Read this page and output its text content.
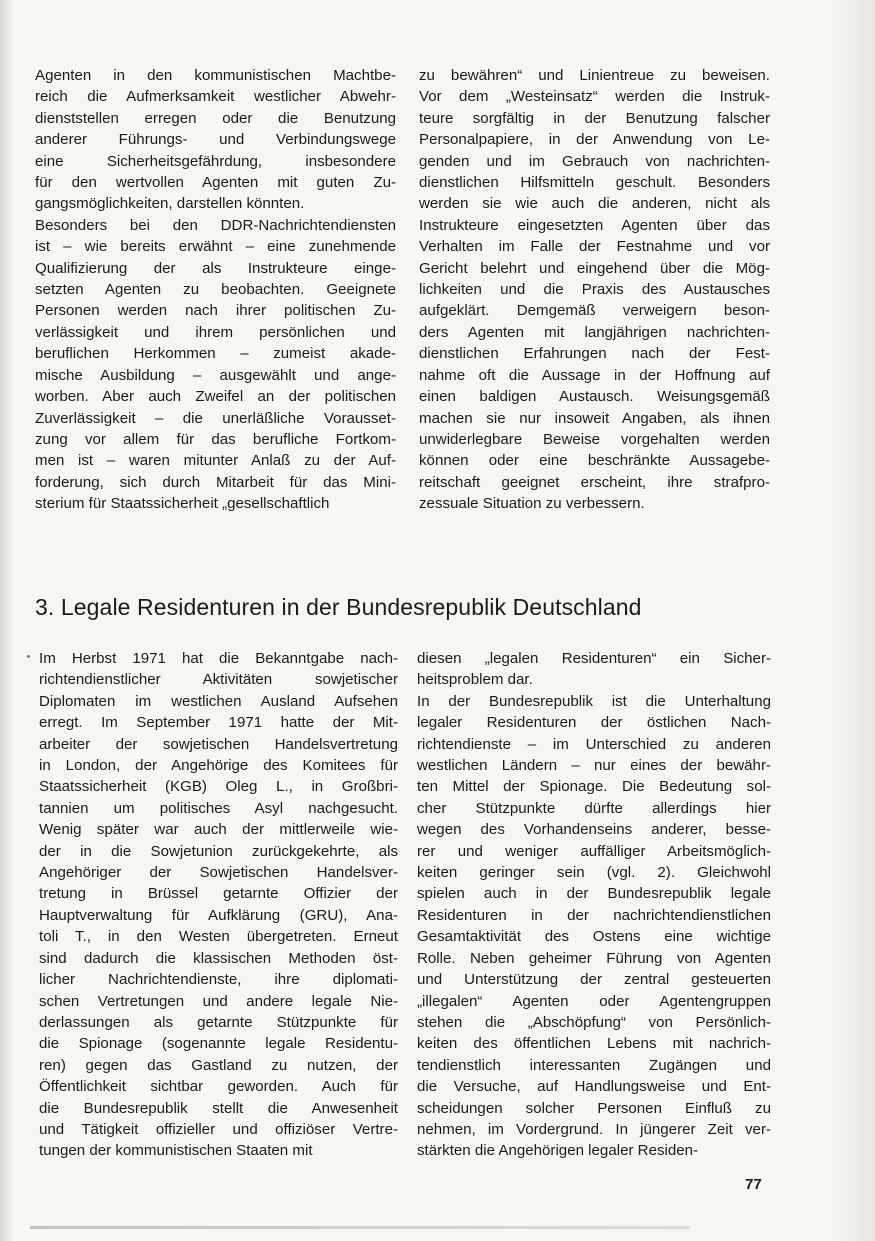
Agenten in den kommunistischen Machtbe-
reich die Aufmerksamkeit westlicher Abwehr-
dienststellen erregen oder die Benutzung
anderer Führungs- und Verbindungswege
eine Sicherheitsgefährdung, insbesondere
für den wertvollen Agenten mit guten Zu-
gangsmöglichkeiten, darstellen könnten.
Besonders bei den DDR-Nachrichtendiensten
ist – wie bereits erwähnt – eine zunehmende
Qualifizierung der als Instrukteure einge-
setzten Agenten zu beobachten. Geeignete
Personen werden nach ihrer politischen Zu-
verlässigkeit und ihrem persönlichen und
beruflichen Herkommen – zumeist akade-
mische Ausbildung – ausgewählt und ange-
worben. Aber auch Zweifel an der politischen
Zuverlässigkeit – die unerläßliche Vorausset-
zung vor allem für das berufliche Fortkom-
men ist – waren mitunter Anlaß zu der Auf-
forderung, sich durch Mitarbeit für das Mini-
sterium für Staatssicherheit „gesellschaftlich
zu bewähren“ und Linientreue zu beweisen.
Vor dem „Westeinsatz“ werden die Instruk-
teure sorgfältig in der Benutzung falscher
Personalpapiere, in der Anwendung von Le-
genden und im Gebrauch von nachrichten-
dienstlichen Hilfsmitteln geschult. Besonders
werden sie wie auch die anderen, nicht als
Instrukteure eingesetzten Agenten über das
Verhalten im Falle der Festnahme und vor
Gericht belehrt und eingehend über die Mög-
lichkeiten und die Praxis des Austausches
aufgeklärt. Demgemäß verweigern beson-
ders Agenten mit langjährigen nachrichten-
dienstlichen Erfahrungen nach der Fest-
nahme oft die Aussage in der Hoffnung auf
einen baldigen Austausch. Weisungsgemäß
machen sie nur insoweit Angaben, als ihnen
unwiderlegbare Beweise vorgehalten werden
können oder eine beschränkte Aussagebe-
reitschaft geeignet erscheint, ihre strafpro-
zessuale Situation zu verbessern.
3. Legale Residenturen in der Bundesrepublik Deutschland
Im Herbst 1971 hat die Bekanntgabe nach-
richtendienstlicher Aktivitäten sowjetischer
Diplomaten im westlichen Ausland Aufsehen
erregt. Im September 1971 hatte der Mit-
arbeiter der sowjetischen Handelsvertretung
in London, der Angehörige des Komitees für
Staatssicherheit (KGB) Oleg L., in Großbri-
tannien um politisches Asyl nachgesucht.
Wenig später war auch der mittlerweile wie-
der in die Sowjetunion zurückgekehrte, als
Angehöriger der Sowjetischen Handelsver-
tretung in Brüssel getarnte Offizier der
Hauptverwaltung für Aufklärung (GRU), Ana-
toli T., in den Westen übergetreten. Erneut
sind dadurch die klassischen Methoden öst-
licher Nachrichtendienste, ihre diplomati-
schen Vertretungen und andere legale Nie-
derlassungen als getarnte Stützpunkte für
die Spionage (sogenannte legale Residentu-
ren) gegen das Gastland zu nutzen, der
Öffentlichkeit sichtbar geworden. Auch für
die Bundesrepublik stellt die Anwesenheit
und Tätigkeit offizieller und offiziöser Vertre-
tungen der kommunistischen Staaten mit
diesen „legalen Residenturen“ ein Sicher-
heitsproblem dar.
In der Bundesrepublik ist die Unterhaltung
legaler Residenturen der östlichen Nach-
richtendienste – im Unterschied zu anderen
westlichen Ländern – nur eines der bewähr-
ten Mittel der Spionage. Die Bedeutung sol-
cher Stützpunkte dürfte allerdings hier
wegen des Vorhandenseins anderer, besse-
rer und weniger auffälliger Arbeitsmöglich-
keiten geringer sein (vgl. 2). Gleichwohl
spielen auch in der Bundesrepublik legale
Residenturen in der nachrichtendienstlichen
Gesamtaktivität des Ostens eine wichtige
Rolle. Neben geheimer Führung von Agenten
und Unterstützung der zentral gesteuerten
„illegalen“ Agenten oder Agentengruppen
stehen die „Abschöpfung“ von Persönlich-
keiten des öffentlichen Lebens mit nachrich-
tendienstlich interessanten Zugängen und
die Versuche, auf Handlungsweise und Ent-
scheidungen solcher Personen Einfluß zu
nehmen, im Vordergrund. In jüngerer Zeit ver-
stärkten die Angehörigen legaler Residen-
77
